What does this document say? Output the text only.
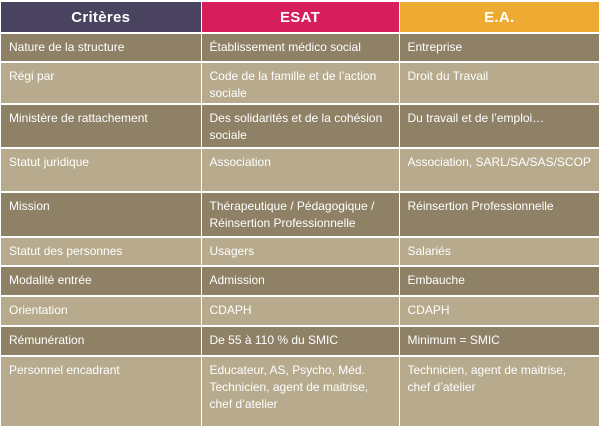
Critères	ESAT	E.A.
Nature de la structure	Établissement médico social	Entreprise
Régi par	Code de la famille et de l’action sociale	Droit du Travail
Ministère de rattachement	Des solidarités et de la cohésion sociale	Du travail et de l’emploi…
Statut juridique	Association	Association, SARL/SA/SAS/SCOP
Mission	Thérapeutique / Pédagogique / Réinsertion Professionnelle	Réinsertion Professionnelle
Statut des personnes	Usagers	Salariés
Modalité entrée	Admission	Embauche
Orientation	CDAPH	CDAPH
Rémunération	De 55 à 110 % du SMIC	Minimum = SMIC
Personnel encadrant	Educateur, AS, Psycho, Méd. Technicien, agent de maitrise, chef d’atelier	Technicien, agent de maitrise, chef d’atelier
